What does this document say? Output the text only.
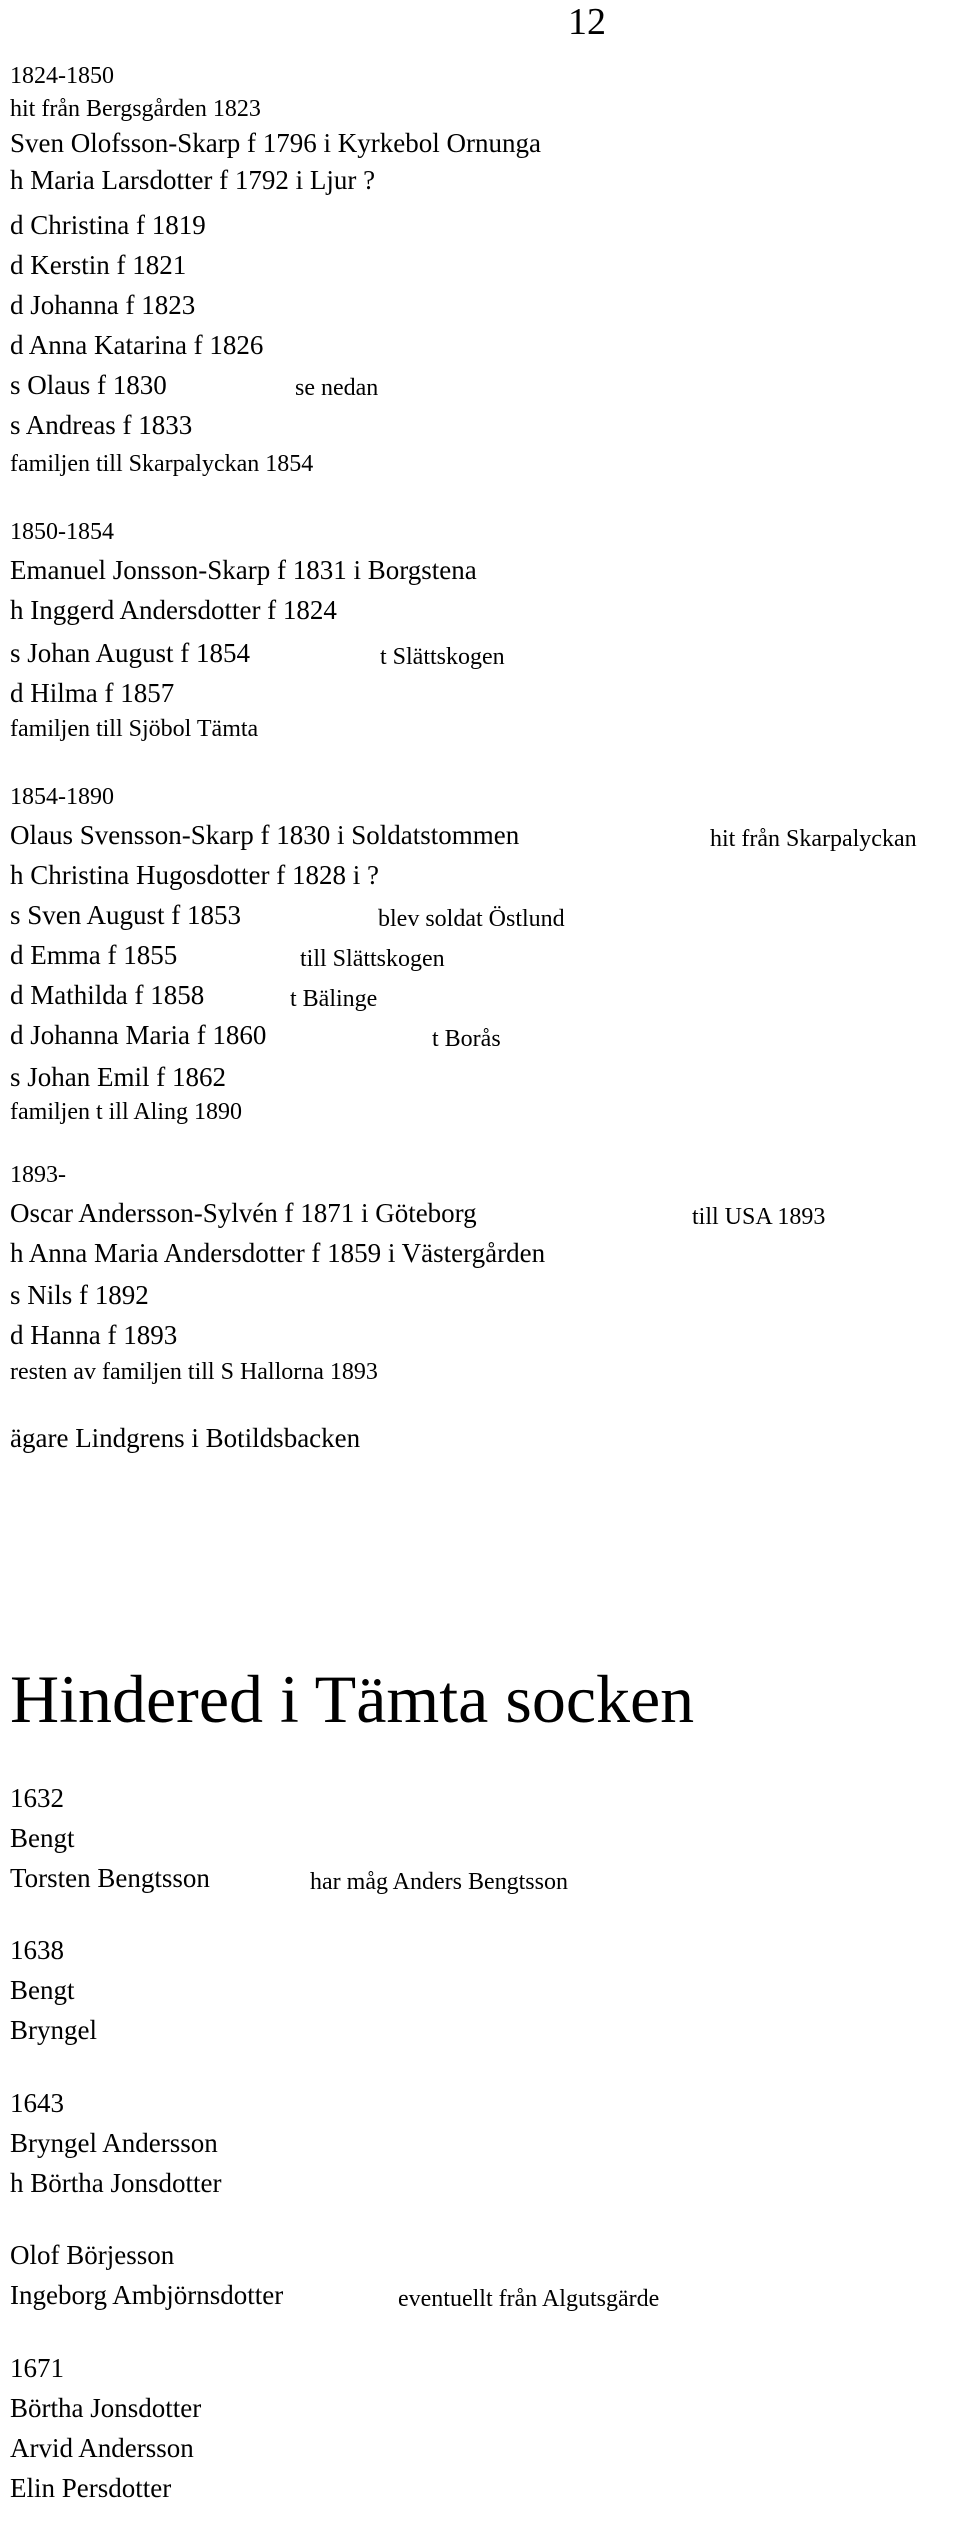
12
1824-1850
hit från Bergsgården 1823
Sven Olofsson-Skarp f 1796 i Kyrkebol Ornunga
h Maria Larsdotter f 1792 i Ljur ?
d Christina f 1819
d Kerstin f 1821
d Johanna f 1823
d Anna Katarina f 1826
s Olaus f 1830	se nedan
s Andreas f 1833
familjen till Skarpalyckan 1854
1850-1854
Emanuel Jonsson-Skarp f 1831 i Borgstena
h Inggerd Andersdotter f 1824
s Johan August f 1854	t Slättskogen
d Hilma f 1857
familjen till Sjöbol Tämta
1854-1890
Olaus Svensson-Skarp f 1830 i Soldatstommen	hit från Skarpalyckan
h Christina Hugosdotter f 1828 i ?
s Sven August f 1853	blev soldat Östlund
d Emma f 1855	till Slättskogen
d Mathilda f 1858	t Bälinge
d Johanna Maria f 1860	t Borås
s Johan Emil f 1862
familjen t ill Aling 1890
1893-
Oscar Andersson-Sylvén f 1871 i Göteborg	till USA 1893
h Anna Maria Andersdotter f 1859 i Västergården
s Nils f 1892
d Hanna f 1893
resten av familjen till S Hallorna 1893
ägare Lindgrens i Botildsbacken
Hindered i Tämta socken
1632
Bengt
Torsten Bengtsson	har måg Anders Bengtsson
1638
Bengt
Bryngel
1643
Bryngel Andersson
h Börtha Jonsdotter
Olof Börjesson
Ingeborg Ambjörnsdotter	eventuellt från Algutsgärde
1671
Börtha Jonsdotter
Arvid Andersson
Elin Persdotter
